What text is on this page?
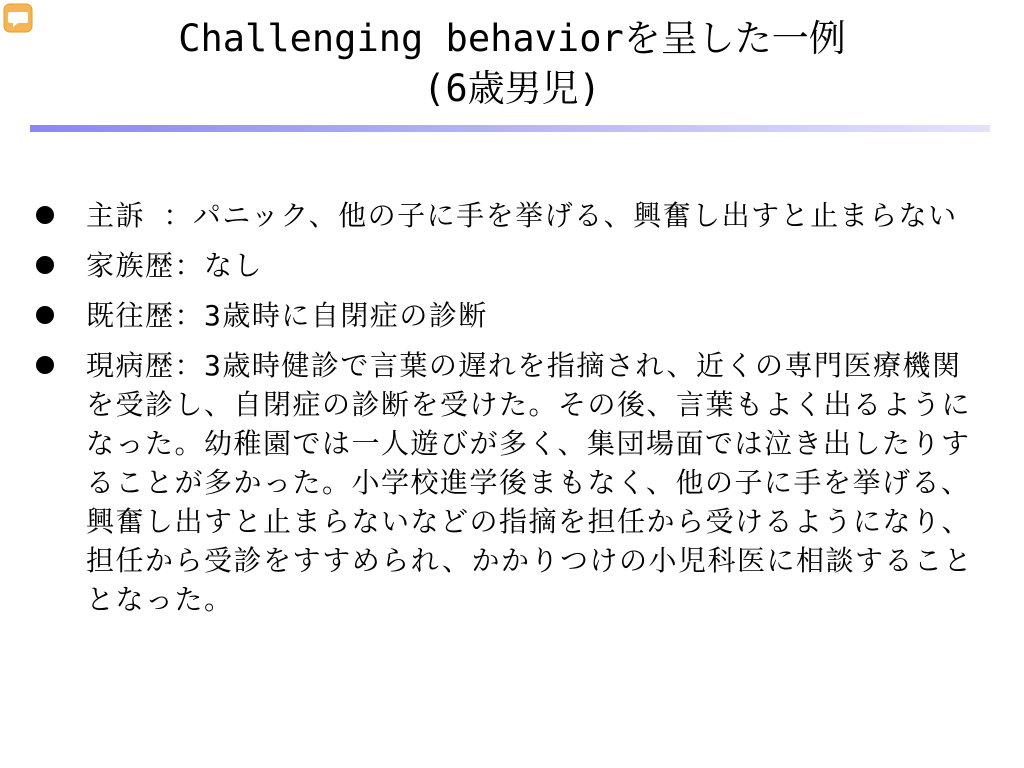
Challenging behaviorを呈した一例
(6歳男児)
主訴 ：パニック、他の子に手を挙げる、興奮し出すと止まらない
家族歴：なし
既往歴：3歳時に自閉症の診断
現病歴：3歳時健診で言葉の遅れを指摘され、近くの専門医療機関を受診し、自閉症の診断を受けた。その後、言葉もよく出るようになった。幼稚園では一人遊びが多く、集団場面では泣き出したりすることが多かった。小学校進学後まもなく、他の子に手を挙げる、興奮し出すと止まらないなどの指摘を担任から受けるようになり、担任から受診をすすめられ、かかりつけの小児科医に相談することとなった。
